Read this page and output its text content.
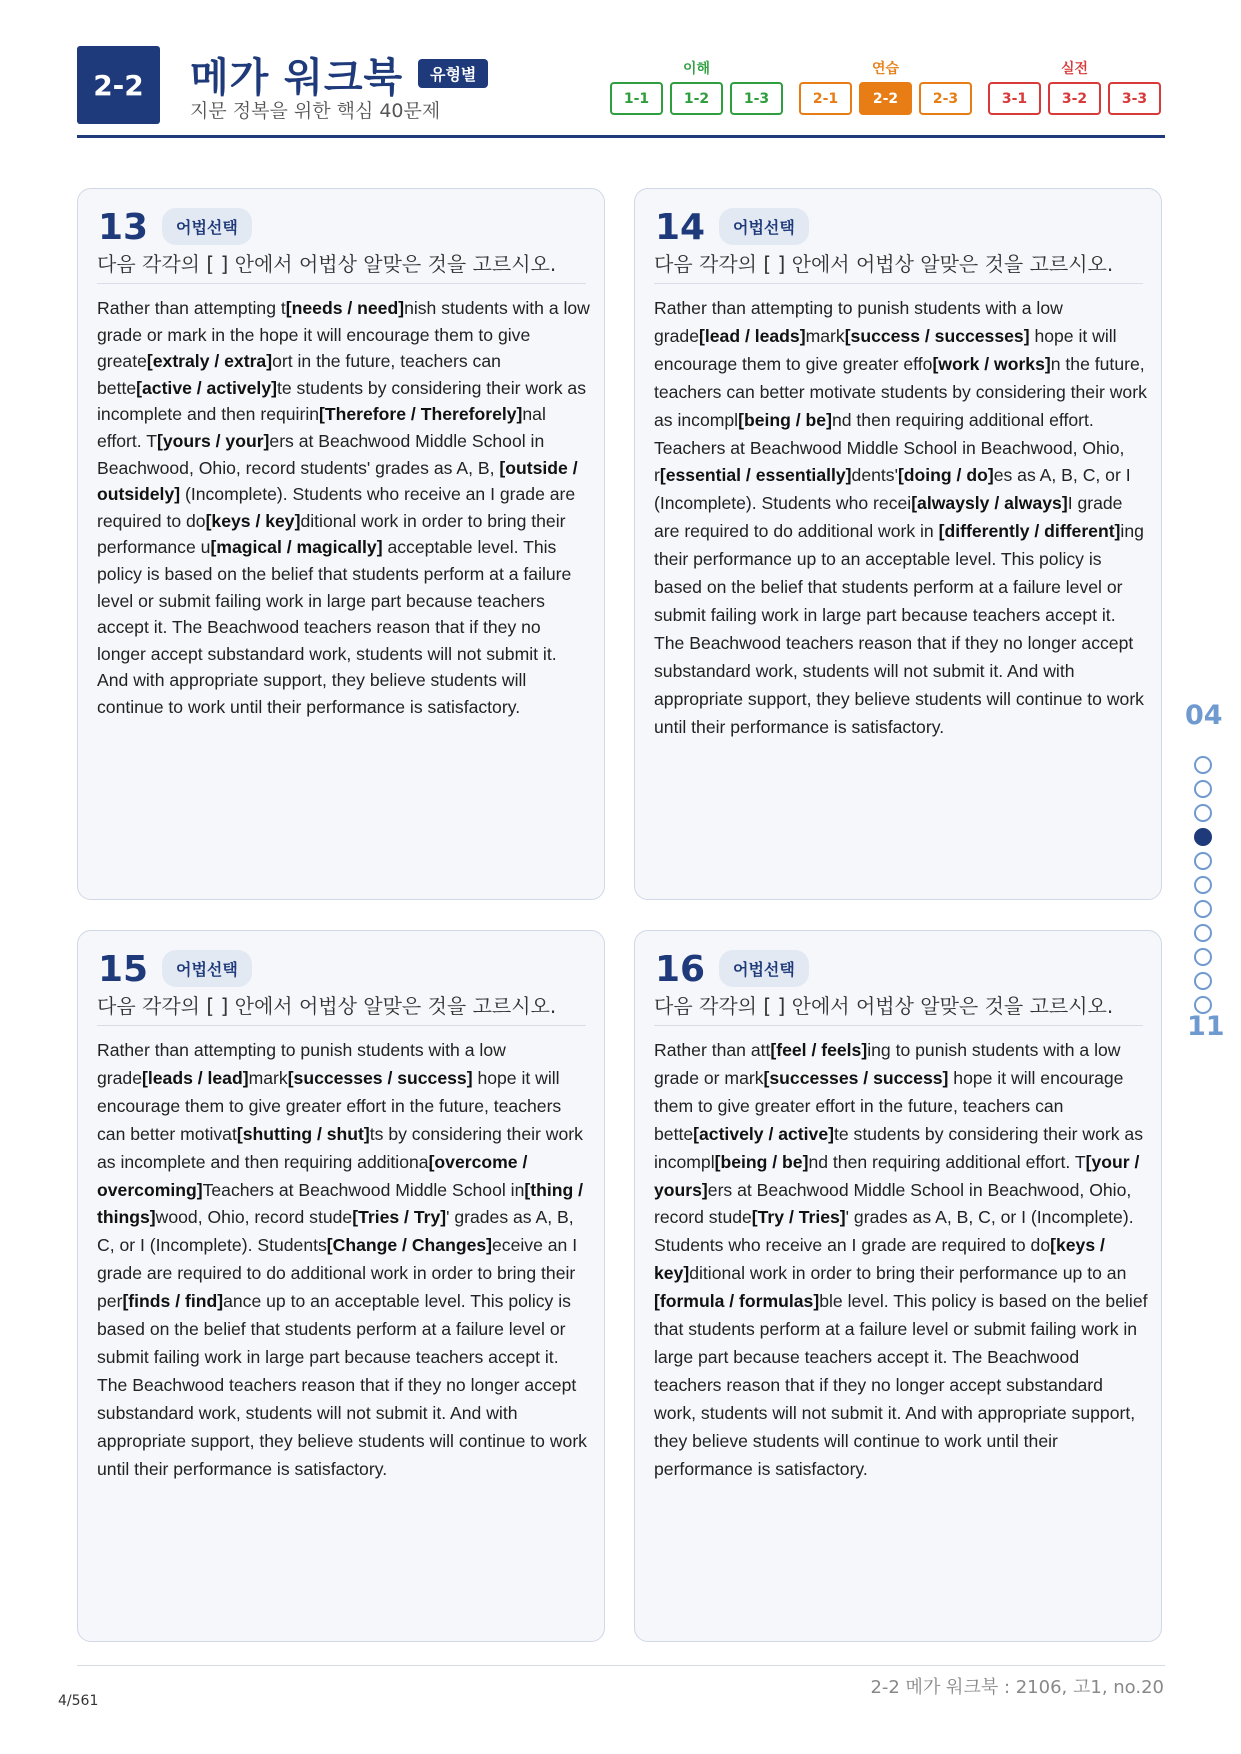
2-2	메가 워크북	유형별
지문 정복을 위한 핵심 40문제
이해
1-1	1-2	1-3
연습
2-1	2-2	2-3
실전
3-1	3-2	3-3
13	어법선택
다음 각각의 [ ] 안에서 어법상 알맞은 것을 고르시오.
Rather than attempting t[needs / need]nish students with a low grade or mark in the hope it will encourage them to give greate[extraly / extra]ort in the future, teachers can bette[active / actively]te students by considering their work as incomplete and then requirin[Therefore / Thereforely]nal effort. T[yours / your]ers at Beachwood Middle School in Beachwood, Ohio, record students' grades as A, B, [outside / outsidely] (Incomplete). Students who receive an I grade are required to do[keys / key]ditional work in order to bring their performance u[magical / magically] acceptable level. This policy is based on the belief that students perform at a failure level or submit failing work in large part because teachers accept it. The Beachwood teachers reason that if they no longer accept substandard work, students will not submit it. And with appropriate support, they believe students will continue to work until their performance is satisfactory.
14	어법선택
다음 각각의 [ ] 안에서 어법상 알맞은 것을 고르시오.
Rather than attempting to punish students with a low grade[lead / leads]mark[success / successes] hope it will encourage them to give greater effo[work / works]n the future, teachers can better motivate students by considering their work as incompl[being / be]nd then requiring additional effort. Teachers at Beachwood Middle School in Beachwood, Ohio, r[essential / essentially]dents'[doing / do]es as A, B, C, or I (Incomplete). Students who recei[alwaysly / always]I grade are required to do additional work in [differently / different]ing their performance up to an acceptable level. This policy is based on the belief that students perform at a failure level or submit failing work in large part because teachers accept it. The Beachwood teachers reason that if they no longer accept substandard work, students will not submit it. And with appropriate support, they believe students will continue to work until their performance is satisfactory.
15	어법선택
다음 각각의 [ ] 안에서 어법상 알맞은 것을 고르시오.
Rather than attempting to punish students with a low grade[leads / lead]mark[successes / success] hope it will encourage them to give greater effort in the future, teachers can better motivat[shutting / shut]ts by considering their work as incomplete and then requiring additiona[overcome / overcoming]Teachers at Beachwood Middle School in[thing / things]wood, Ohio, record stude[Tries / Try]' grades as A, B, C, or I (Incomplete). Students[Change / Changes]eceive an I grade are required to do additional work in order to bring their per[finds / find]ance up to an acceptable level. This policy is based on the belief that students perform at a failure level or submit failing work in large part because teachers accept it. The Beachwood teachers reason that if they no longer accept substandard work, students will not submit it. And with appropriate support, they believe students will continue to work until their performance is satisfactory.
16	어법선택
다음 각각의 [ ] 안에서 어법상 알맞은 것을 고르시오.
Rather than att[feel / feels]ing to punish students with a low grade or mark[successes / success] hope it will encourage them to give greater effort in the future, teachers can bette[actively / active]te students by considering their work as incompl[being / be]nd then requiring additional effort. T[your / yours]ers at Beachwood Middle School in Beachwood, Ohio, record stude[Try / Tries]' grades as A, B, C, or I (Incomplete). Students who receive an I grade are required to do[keys / key]ditional work in order to bring their performance up to an [formula / formulas]ble level. This policy is based on the belief that students perform at a failure level or submit failing work in large part because teachers accept it. The Beachwood teachers reason that if they no longer accept substandard work, students will not submit it. And with appropriate support, they believe students will continue to work until their performance is satisfactory.
04
11
2-2 메가 워크북 : 2106, 고1, no.20
4/561
